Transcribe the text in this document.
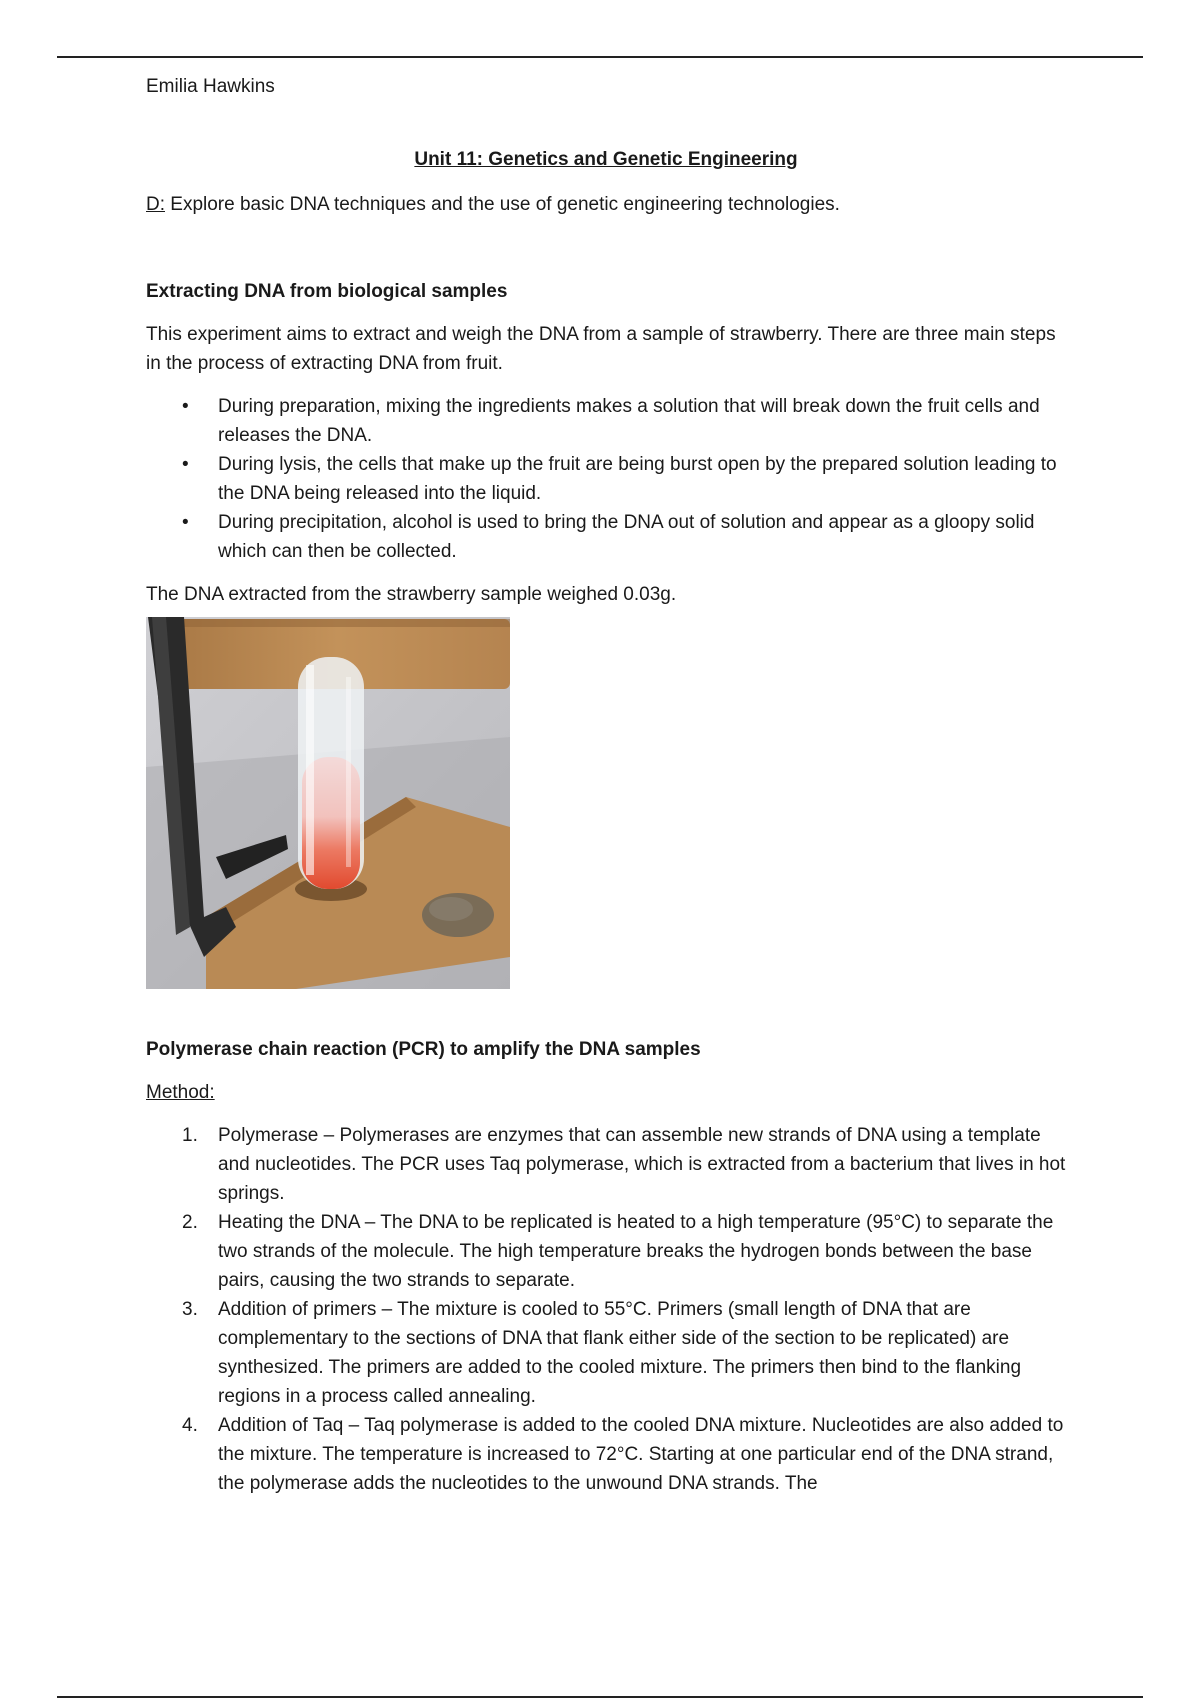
Emilia Hawkins

Unit 11: Genetics and Genetic Engineering

D: Explore basic DNA techniques and the use of genetic engineering technologies.

Extracting DNA from biological samples

This experiment aims to extract and weigh the DNA from a sample of strawberry. There are three main steps in the process of extracting DNA from fruit.

• During preparation, mixing the ingredients makes a solution that will break down the fruit cells and releases the DNA.
• During lysis, the cells that make up the fruit are being burst open by the prepared solution leading to the DNA being released into the liquid.
• During precipitation, alcohol is used to bring the DNA out of solution and appear as a gloopy solid which can then be collected.

The DNA extracted from the strawberry sample weighed 0.03g.

Polymerase chain reaction (PCR) to amplify the DNA samples

Method:

1. Polymerase – Polymerases are enzymes that can assemble new strands of DNA using a template and nucleotides. The PCR uses Taq polymerase, which is extracted from a bacterium that lives in hot springs.
2. Heating the DNA – The DNA to be replicated is heated to a high temperature (95°C) to separate the two strands of the molecule. The high temperature breaks the hydrogen bonds between the base pairs, causing the two strands to separate.
3. Addition of primers – The mixture is cooled to 55°C. Primers (small length of DNA that are complementary to the sections of DNA that flank either side of the section to be replicated) are synthesized. The primers are added to the cooled mixture. The primers then bind to the flanking regions in a process called annealing.
4. Addition of Taq – Taq polymerase is added to the cooled DNA mixture. Nucleotides are also added to the mixture. The temperature is increased to 72°C. Starting at one particular end of the DNA strand, the polymerase adds the nucleotides to the unwound DNA strands. The
